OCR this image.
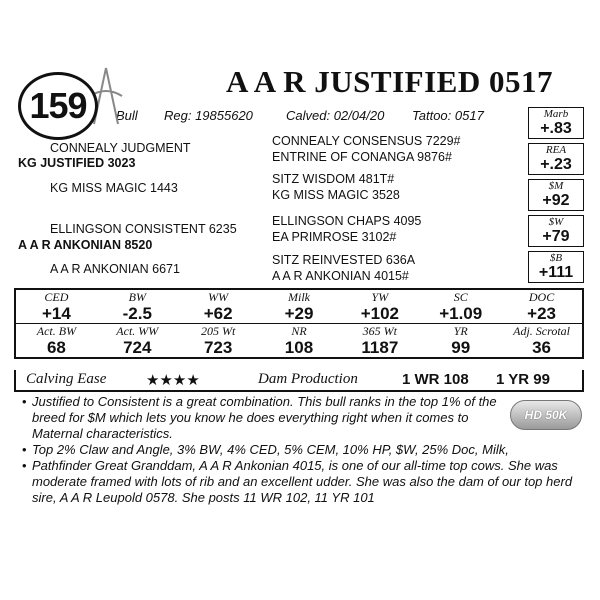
159
A A R JUSTIFIED 0517
Bull Reg: 19855620	Calved: 02/04/20 Tattoo: 0517
CONNEALY JUDGMENT
KG JUSTIFIED 3023
KG MISS MAGIC 1443
CONNEALY CONSENSUS 7229#
ENTRINE OF CONANGA 9876#
SITZ WISDOM 481T#
KG MISS MAGIC 3528
ELLINGSON CONSISTENT 6235
A A R ANKONIAN 8520
A A R ANKONIAN 6671
ELLINGSON CHAPS 4095
EA PRIMROSE 3102#
SITZ REINVESTED 636A
A A R ANKONIAN 4015#
Marb
+.83
REA
+.23
$M
+92
$W
+79
$B
+111
CED	BW	WW	Milk	YW	SC	DOC
+14	-2.5	+62	+29	+102	+1.09	+23
Act. BW	Act. WW	205 Wt	NR	365 Wt	YR	Adj. Scrotal
68	724	723	108	1187	99	36
Calving Ease	★★★★	Dam Production	1 WR 108 1 YR 99
• Justified to Consistent is a great combination. This bull ranks in the top 1% of the breed for $M which lets you know he does everything right when it comes to Maternal characteristics.
• Top 2% Claw and Angle, 3% BW, 4% CED, 5% CEM, 10% HP, $W, 25% Doc, Milk,
• Pathfinder Great Granddam, A A R Ankonian 4015, is one of our all-time top cows. She was moderate framed with lots of rib and an excellent udder. She was also the dam of our top herd sire, A A R Leupold 0578. She posts 11 WR 102, 11 YR 101
HD 50K
